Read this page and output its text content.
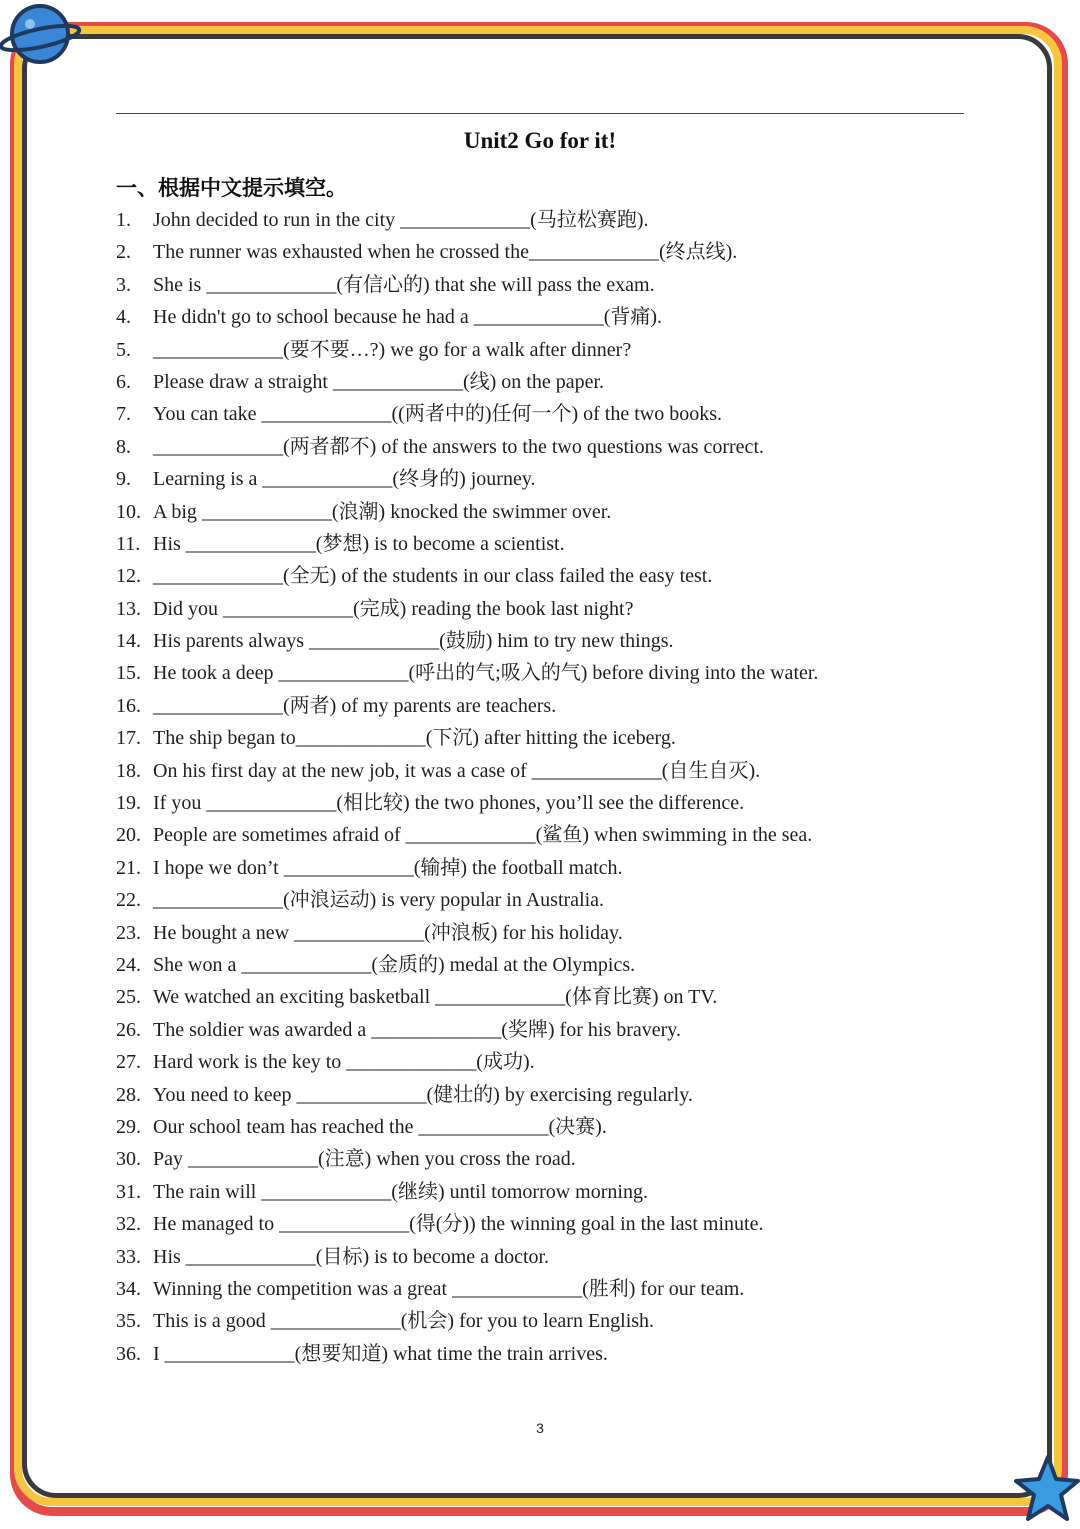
Unit2 Go for it!
一、根据中文提示填空。
1.	John decided to run in the city _____________(马拉松赛跑).
2.	The runner was exhausted when he crossed the_____________(终点线).
3.	She is _____________(有信心的) that she will pass the exam.
4.	He didn't go to school because he had a _____________(背痛).
5.	_____________(要不要…?) we go for a walk after dinner?
6.	Please draw a straight _____________(线) on the paper.
7.	You can take _____________((两者中的)任何一个) of the two books.
8.	_____________(两者都不) of the answers to the two questions was correct.
9.	Learning is a _____________(终身的) journey.
10. A big _____________(浪潮) knocked the swimmer over.
11. His _____________(梦想) is to become a scientist.
12. _____________(全无) of the students in our class failed the easy test.
13. Did you _____________(完成) reading the book last night?
14. His parents always _____________(鼓励) him to try new things.
15. He took a deep _____________(呼出的气;吸入的气) before diving into the water.
16. _____________(两者) of my parents are teachers.
17. The ship began to_____________(下沉) after hitting the iceberg.
18. On his first day at the new job, it was a case of _____________(自生自灭).
19. If you _____________(相比较) the two phones, you’ll see the difference.
20. People are sometimes afraid of _____________(鲨鱼) when swimming in the sea.
21. I hope we don’t _____________(输掉) the football match.
22. _____________(冲浪运动) is very popular in Australia.
23. He bought a new _____________(冲浪板) for his holiday.
24. She won a _____________(金质的) medal at the Olympics.
25. We watched an exciting basketball _____________(体育比赛) on TV.
26. The soldier was awarded a _____________(奖牌) for his bravery.
27. Hard work is the key to _____________(成功).
28. You need to keep _____________(健壮的) by exercising regularly.
29. Our school team has reached the _____________(决赛).
30. Pay _____________(注意) when you cross the road.
31. The rain will _____________(继续) until tomorrow morning.
32. He managed to _____________(得(分)) the winning goal in the last minute.
33. His _____________(目标) is to become a doctor.
34. Winning the competition was a great _____________(胜利) for our team.
35. This is a good _____________(机会) for you to learn English.
36. I _____________(想要知道) what time the train arrives.
3
